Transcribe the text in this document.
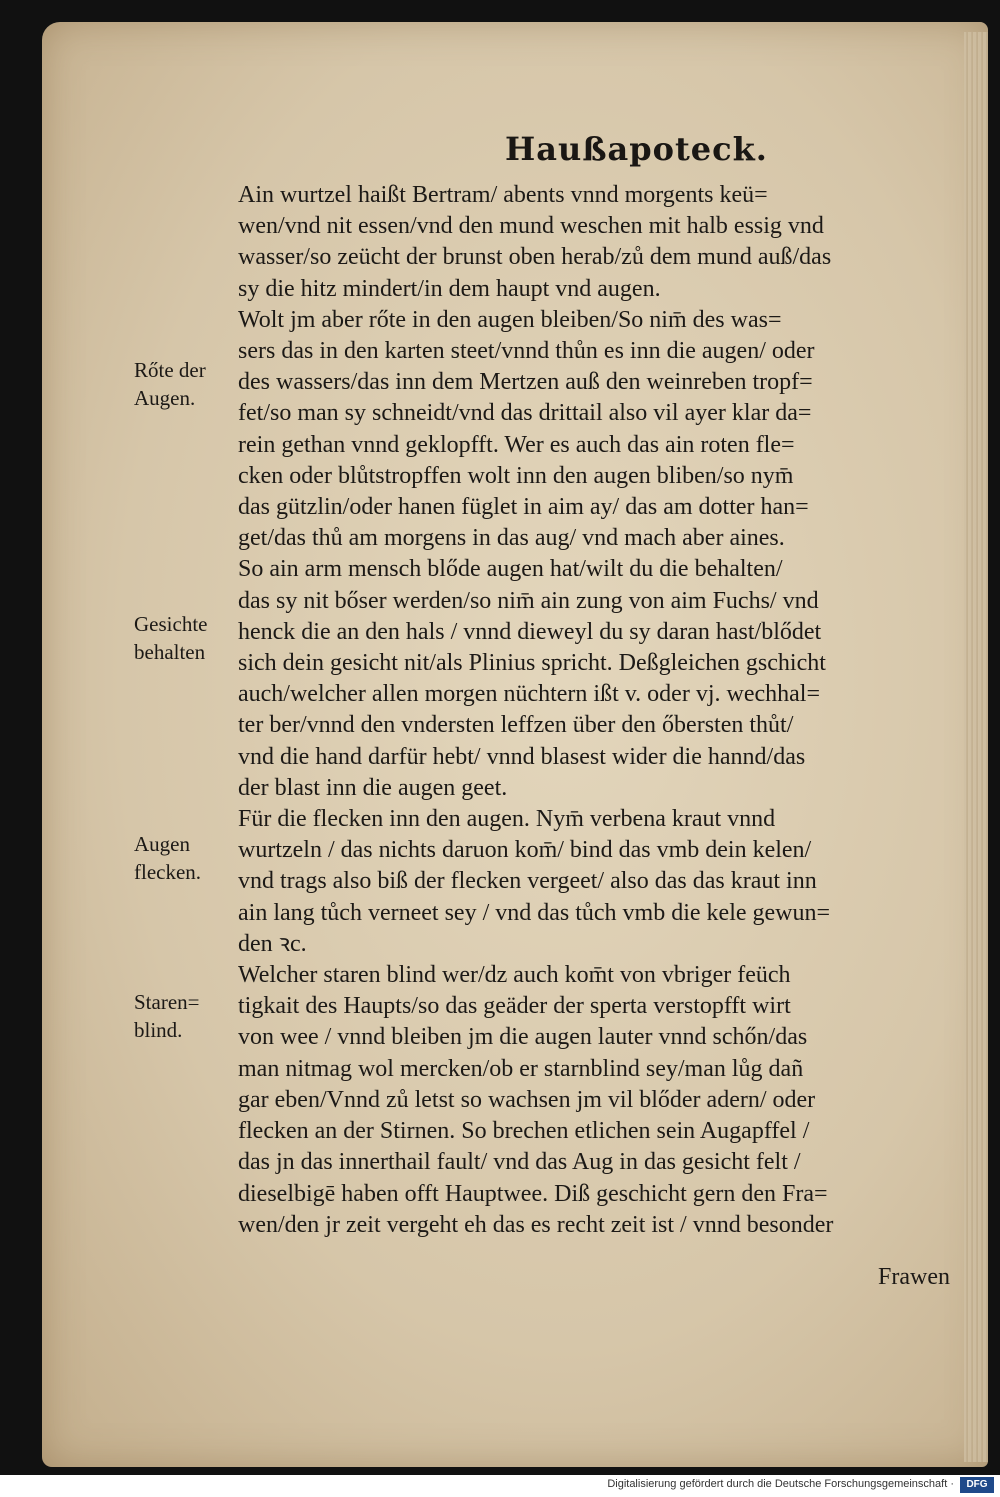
Haußapoteck.
Ain wurtzel haißt Bertram/ abents vnnd morgents keü=
wen/vnd nit essen/vnd den mund weschen mit halb essig vnd
wasser/so zeücht der brunst oben herab/zů dem mund auß/das
sy die hitz mindert/in dem haupt vnd augen.
Wolt jm aber rőte in den augen bleiben/So nim̄ des was=
sers das in den karten steet/vnnd thůn es inn die augen/ oder
des wassers/das inn dem Mertzen auß den weinreben tropf=
fet/so man sy schneidt/vnd das drittail also vil ayer klar da=
rein gethan vnnd geklopfft. Wer es auch das ain roten fle=
cken oder blůtstropffen wolt inn den augen bliben/so nym̄
das gützlin/oder hanen füglet in aim ay/ das am dotter han=
get/das thů am morgens in das aug/ vnd mach aber aines.
So ain arm mensch blőde augen hat/wilt du die behalten/
das sy nit bőser werden/so nim̄ ain zung von aim Fuchs/ vnd
henck die an den hals / vnnd dieweyl du sy daran hast/blődet
sich dein gesicht nit/als Plinius spricht. Deßgleichen gschicht
auch/welcher allen morgen nüchtern ißt v. oder vj. wechhal=
ter ber/vnnd den vndersten leffzen über den őbersten thůt/
vnd die hand darfür hebt/ vnnd blasest wider die hannd/das
der blast inn die augen geet.
Für die flecken inn den augen. Nym̄ verbena kraut vnnd
wurtzeln / das nichts daruon kom̄/ bind das vmb dein kelen/
vnd trags also biß der flecken vergeet/ also das das kraut inn
ain lang tůch verneet sey / vnd das tůch vmb die kele gewun=
den ꝛc.
Welcher staren blind wer/dz auch kom̄t von vbriger feüch
tigkait des Haupts/so das geäder der sperta verstopfft wirt
von wee / vnnd bleiben jm die augen lauter vnnd schőn/das
man nitmag wol mercken/ob er starnblind sey/man lůg dañ
gar eben/Vnnd zů letst so wachsen jm vil blőder adern/ oder
flecken an der Stirnen. So brechen etlichen sein Augapffel /
das jn das innerthail fault/ vnd das Aug in das gesicht felt /
dieselbigē haben offt Hauptwee. Diß geschicht gern den Fra=
wen/den jr zeit vergeht eh das es recht zeit ist / vnnd besonder
Rőte der
Augen.
Gesichte
behalten
Augen
flecken.
Staren=
blind.
Frawen
Digitalisierung gefördert durch die Deutsche Forschungsgemeinschaft ·	DFG
